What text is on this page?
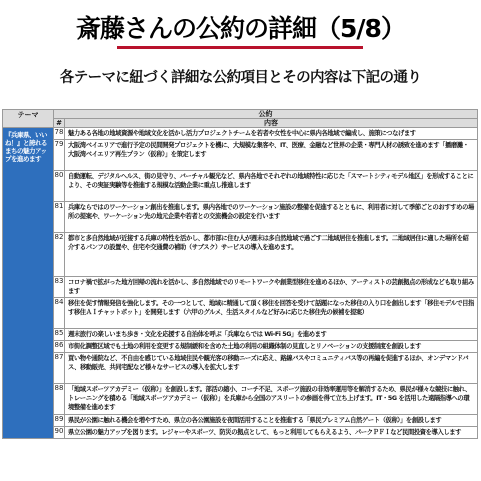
斎藤さんの公約の詳細（5/8）
各テーマに紐づく詳細な公約項目とその内容は下記の通り
テーマ	公約	
	#	内容
『兵庫県、いいね！』と誇れるまちの魅力アップを進めます	78	魅力ある各地の地域資源や地域文化を活かし活力プロジェクトチームを若者や女性を中心に県内各地域で編成し、施策につなげます
	79	大阪湾ベイエリアで進行予定の民間開発プロジェクトを機に、大規模な集客や、IT、医療、金融など世界の企業・専門人材の誘致を進めます「播磨灘・大阪湾ベイエリア再生プラン（仮称）」を策定します
	80	自動運転、デジタルヘルス、街の見守り、バーチャル観光など、県内各地でそれぞれの地域特性に応じた「スマートシティモデル地区」を形成することにより、その実証実験等を推進する規模な活動企業に重点し推進します
	81	兵庫ならではのワーケーション創出を推進します。県内各地でのワーケーション施設の整備を促進するとともに、利用者に対して季節ごとのおすすめの場所の提案や、ワーケーション先の地元企業や若者との交流機会の設定を行います
	82	都市と多自然地域が近接する兵庫の特性を活かし、都市部に住む人が週末は多自然地域で過ごす二地域居住を推進します。二地域居住に適した場所を紹介するパンフの設置や、住宅や交通費の補助（サブスク）サービスの導入を進めます。
	83	コロナ禍で拡がった地方回帰の流れを活かし、多自然地域でのリモートワークや創業型移住を進めるほか、アーティストの芸創拠点の形成なども取り組みます
	84	移住を促す情報発信を強化します。その一つとして、地域に精通して頂く移住を回答を受けて話題になった移住の入り口を創出します「移住モデルで目指す移住ＡＩチャットボット」を開発します（六甲のグルメ、生活スタイルなど好みに応じた移住先の候補を提案）
	85	週末旅行の楽しいまち歩き・文化を応援する自治体を呼ぶ「兵庫ならでは Wi-Fi 5G」を進めます
	86	市街化調整区域でも土地の利用を変更する規制緩和を含めた土地の利用の組織体制の見直しとリノベーションの支援制度を創設します
	87	買い物や通院など、不自由を感じている地域住民や観光客の移動ニーズに応え、路線バスやコミュニティバス等の再編を促進するほか、オンデマンドバス、移動販売、共同宅配など様々なサービスの導入を拡大します
	88	「地域スポーツアカデミー（仮称）」を創設します。部活の縮小、コーチ不足、スポーツ施設の非効率運用等を解消するため、県民が様々な競技に触れ、トレーニングを積める「地域スポーツアカデミー（仮称）」を兵庫から全国のアスリートの参画を得て立ち上げます。IT・5G を活用した遠隔指導への環境整備を進めます
	89	県民が公園に触れる機会を増やすため、県立の各公園施設を夜間活用することを推進する「県民プレミアム自然ゲート（仮称）」を創設します
	90	県立公園の魅力アップを図ります。レジャーやスポーツ、防災の拠点として、もっと利用してもらえるよう、パークＰＦＩなど民間投資を導入します
